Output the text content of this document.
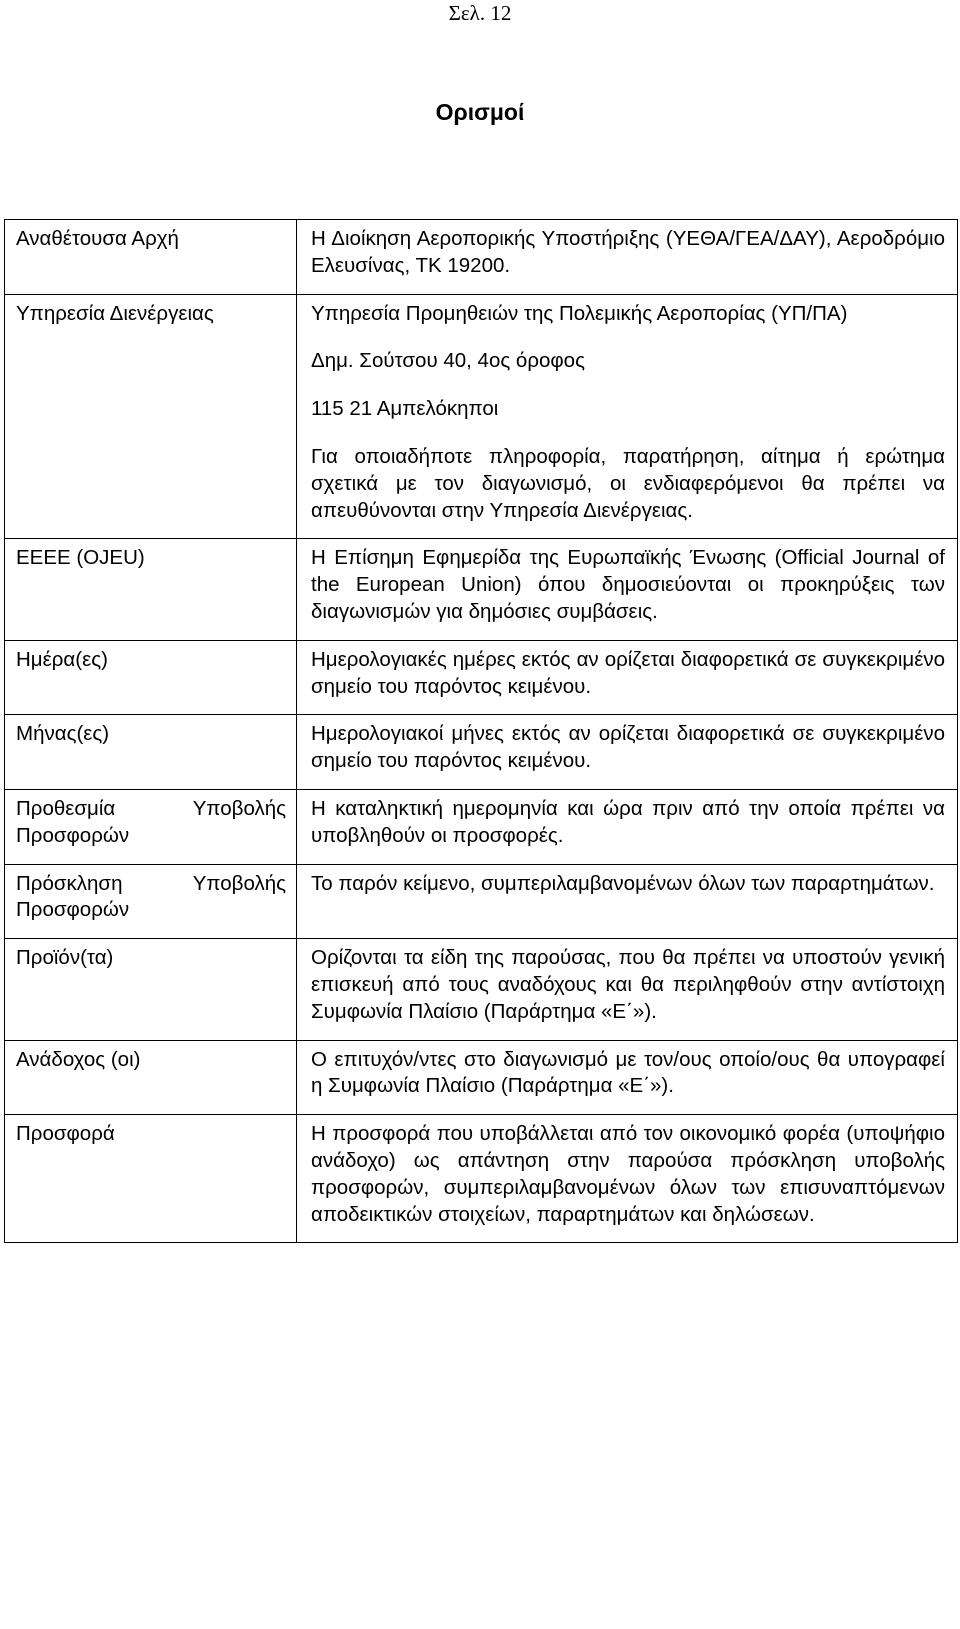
Σελ. 12
Ορισμοί
Αναθέτουσα Αρχή	Η Διοίκηση Αεροπορικής Υποστήριξης (ΥΕΘΑ/ΓΕΑ/ΔΑΥ), Αεροδρόμιο Ελευσίνας, ΤΚ 19200.

Υπηρεσία Διενέργειας	Υπηρεσία Προμηθειών της Πολεμικής Αεροπορίας (ΥΠ/ΠΑ)

Δημ. Σούτσου 40, 4ος όροφος

115 21 Αμπελόκηποι

Για οποιαδήποτε πληροφορία, παρατήρηση, αίτημα ή ερώτημα σχετικά με τον διαγωνισμό, οι ενδιαφερόμενοι θα πρέπει να απευθύνονται στην Υπηρεσία Διενέργειας.

ΕΕΕΕ (OJEU)	Η Επίσημη Εφημερίδα της Ευρωπαϊκής Ένωσης (Official Journal of the European Union) όπου δημοσιεύονται οι προκηρύξεις των διαγωνισμών για δημόσιες συμβάσεις.

Ημέρα(ες)	Ημερολογιακές ημέρες εκτός αν ορίζεται διαφορετικά σε συγκεκριμένο σημείο του παρόντος κειμένου.

Μήνας(ες)	Ημερολογιακοί μήνες εκτός αν ορίζεται διαφορετικά σε συγκεκριμένο σημείο του παρόντος κειμένου.

Προθεσμία Υποβολής
Προσφορών	Η καταληκτική ημερομηνία και ώρα πριν από την οποία πρέπει να υποβληθούν οι προσφορές.

Πρόσκληση Υποβολής
Προσφορών	Το παρόν κείμενο, συμπεριλαμβανομένων όλων των παραρτημάτων.

Προϊόν(τα)	Ορίζονται τα είδη της παρούσας, που θα πρέπει να υποστούν γενική επισκευή από τους αναδόχους και θα περιληφθούν στην αντίστοιχη Συμφωνία Πλαίσιο (Παράρτημα «Ε΄»).

Ανάδοχος (οι)	Ο επιτυχόν/ντες στο διαγωνισμό με τον/ους οποίο/ους θα υπογραφεί η Συμφωνία Πλαίσιο (Παράρτημα «Ε΄»).

Προσφορά	Η προσφορά που υποβάλλεται από τον οικονομικό φορέα (υποψήφιο ανάδοχο) ως απάντηση στην παρούσα πρόσκληση υποβολής προσφορών, συμπεριλαμβανομένων όλων των επισυναπτόμενων αποδεικτικών στοιχείων, παραρτημάτων και δηλώσεων.
